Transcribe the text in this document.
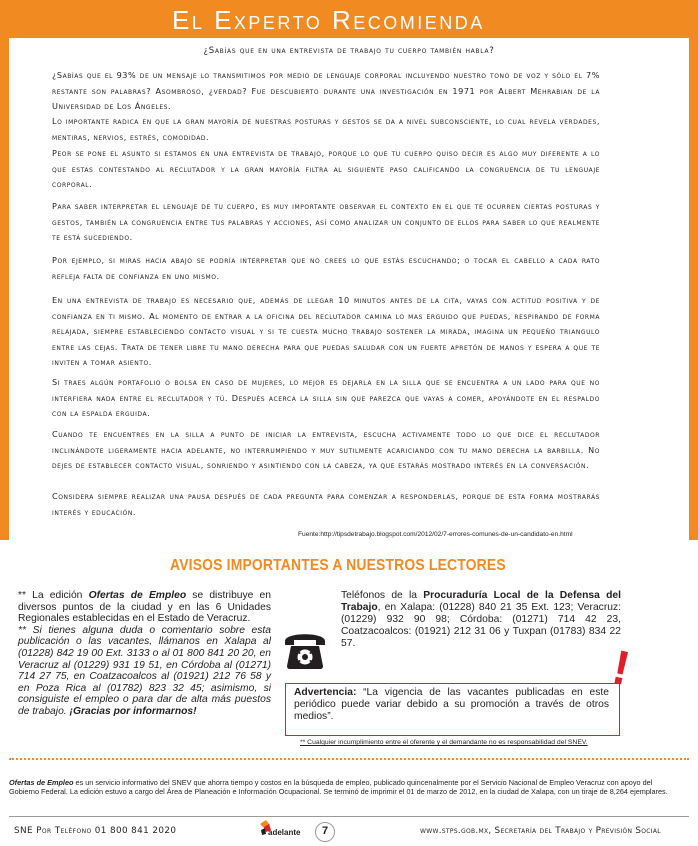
El Experto Recomienda
¿Sabías que en una entrevista de trabajo tu cuerpo también habla?

¿Sabías que el 93% de un mensaje lo transmitimos por medio de lenguaje corporal incluyendo nuestro tono de voz y sólo el 7% restante son palabras? Asombroso, ¿verdad? Fue descubierto durante una investigación en 1971 por Albert Mehrabian de la Universidad de Los Ángeles.

Lo importante radica en que la gran mayoría de nuestras posturas y gestos se da a nivel subconsciente, lo cual revela verdades, mentiras, nervios, estrés, comodidad.

Peor se pone el asunto si estamos en una entrevista de trabajo, porque lo que tu cuerpo quiso decir es algo muy diferente a lo que estas contestando al reclutador y la gran mayoría filtra al siguiente paso calificando la congruencia de tu lenguaje corporal.

Para saber interpretar el lenguaje de tu cuerpo, es muy importante observar el contexto en el que te ocurren ciertas posturas y gestos, también la congruencia entre tus palabras y acciones, así como analizar un conjunto de ellos para saber lo que realmente te está sucediendo.

Por ejemplo, si miras hacia abajo se podría interpretar que no crees lo que estás escuchando; o tocar el cabello a cada rato refleja falta de confianza en uno mismo.

En una entrevista de trabajo es necesario que, además de llegar 10 minutos antes de la cita, vayas con actitud positiva y de confianza en ti mismo. Al momento de entrar a la oficina del reclutador camina lo mas erguido que puedas, respirando de forma relajada, siempre estableciendo contacto visual y si te cuesta mucho trabajo sostener la mirada, imagina un pequeño triangulo entre las cejas. Trata de tener libre tu mano derecha para que puedas saludar con un fuerte apretón de manos y espera a que te inviten a tomar asiento.

Si traes algún portafolio o bolsa en caso de mujeres, lo mejor es dejarla en la silla que se encuentra a un lado para que no interfiera nada entre el reclutador y tú. Después acerca la silla sin que parezca que vayas a comer, apoyándote en el respaldo con la espalda erguida.

Cuando te encuentres en la silla a punto de iniciar la entrevista, escucha activamente todo lo que dice el reclutador inclinándote ligeramente hacia adelante, no interrumpiendo y muy sutilmente acariciando con tu mano derecha la barbilla. No dejes de establecer contacto visual, sonriendo y asintiendo con la cabeza, ya que estarás mostrado interés en la conversación.

Considera siempre realizar una pausa después de cada pregunta para comenzar a responderlas, porque de esta forma mostrarás interés y educación.

Fuente:http://tipsdetrabajo.blogspot.com/2012/02/7-errores-comunes-de-un-candidato-en.html
AVISOS IMPORTANTES A NUESTROS LECTORES

** La edición Ofertas de Empleo se distribuye en diversos puntos de la ciudad y en las 6 Unidades Regionales establecidas en el Estado de Veracruz.

** Si tienes alguna duda o comentario sobre esta publicación o las vacantes, llámanos en Xalapa al (01228) 842 19 00 Ext. 3133 o al 01 800 841 20 20, en Veracruz al (01229) 931 19 51, en Córdoba al (01271) 714 27 75, en Coatzacoalcos al (01921) 212 76 58 y en Poza Rica al (01782) 823 32 45; asimismo, si consiguiste el empleo o para dar de alta más puestos de trabajo. ¡Gracias por informarnos!

Teléfonos de la Procuraduría Local de la Defensa del Trabajo, en Xalapa: (01228) 840 21 35 Ext. 123; Veracruz: (01229) 932 90 98; Córdoba: (01271) 714 42 23, Coatzacoalcos: (01921) 212 31 06 y Tuxpan (01783) 834 22 57.
Advertencia: “La vigencia de las vacantes publicadas en este periódico puede variar debido a su promoción a través de otros medios”.
!
** Cualquier incumplimiento entre el oferente y el demandante no es responsabilidad del SNEV.

Ofertas de Empleo es un servicio informativo del SNEV que ahorra tiempo y costos en la búsqueda de empleo, publicado quincenalmente por el Servicio Nacional de Empleo Veracruz con apoyo del Gobierno Federal. La edición estuvo a cargo del Área de Planeación e Información Ocupacional. Se terminó de imprimir el 01 de marzo de 2012, en la ciudad de Xalapa, con un tiraje de 8,264 ejemplares.

SNE Por Teléfono 01 800 841 2020	adelante	7	www.stps.gob.mx, Secretaría del Trabajo y Previsión Social
